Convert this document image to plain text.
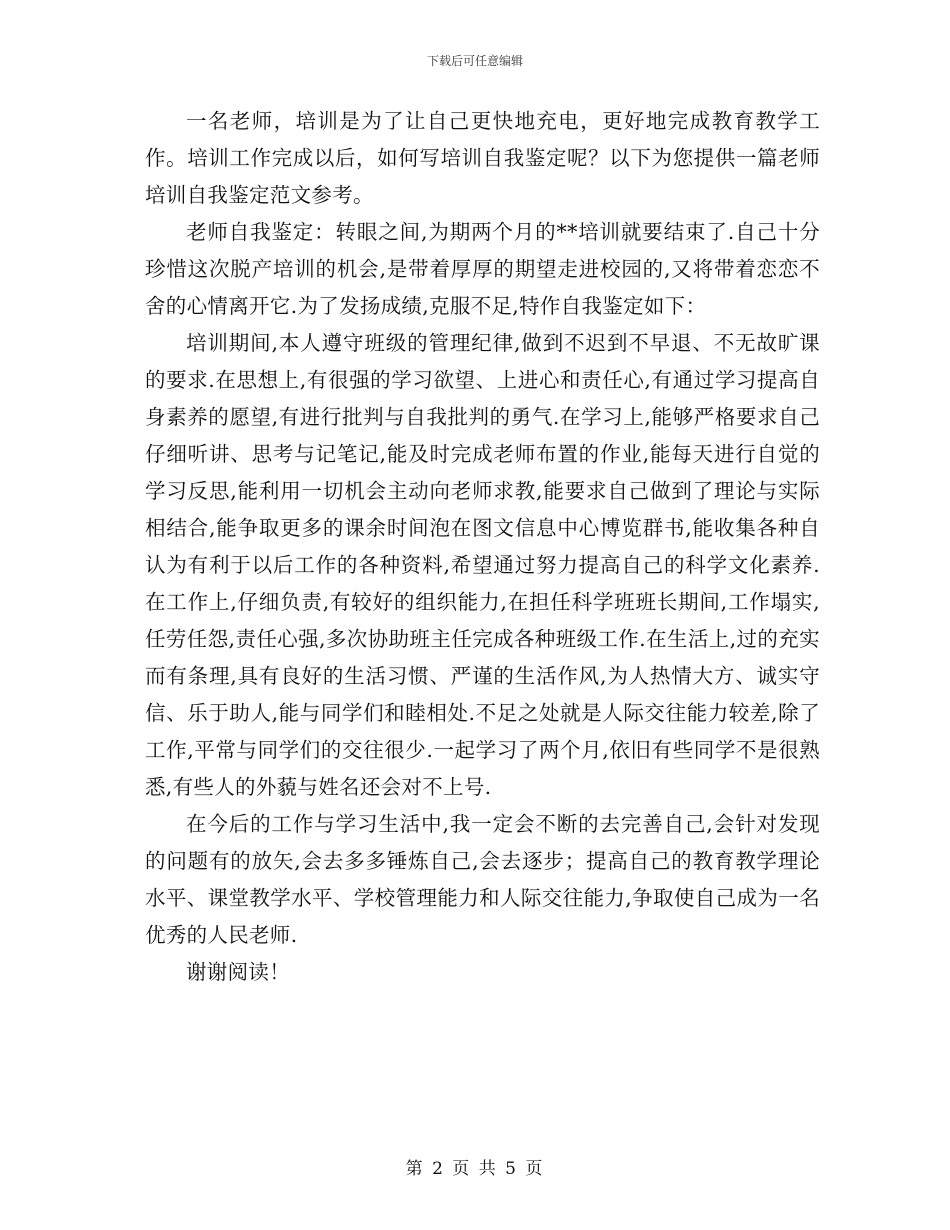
下载后可任意编辑

一名老师，培训是为了让自己更快地充电，更好地完成教育教学工作。培训工作完成以后，如何写培训自我鉴定呢？以下为您提供一篇老师培训自我鉴定范文参考。

老师自我鉴定：转眼之间,为期两个月的**培训就要结束了.自己十分珍惜这次脱产培训的机会,是带着厚厚的期望走进校园的,又将带着恋恋不舍的心情离开它.为了发扬成绩,克服不足,特作自我鉴定如下：

培训期间,本人遵守班级的管理纪律,做到不迟到不早退、不无故旷课的要求.在思想上,有很强的学习欲望、上进心和责任心,有通过学习提高自身素养的愿望,有进行批判与自我批判的勇气.在学习上,能够严格要求自己仔细听讲、思考与记笔记,能及时完成老师布置的作业,能每天进行自觉的学习反思,能利用一切机会主动向老师求教,能要求自己做到了理论与实际相结合,能争取更多的课余时间泡在图文信息中心博览群书,能收集各种自认为有利于以后工作的各种资料,希望通过努力提高自己的科学文化素养.在工作上,仔细负责,有较好的组织能力,在担任科学班班长期间,工作塌实,任劳任怨,责任心强,多次协助班主任完成各种班级工作.在生活上,过的充实而有条理,具有良好的生活习惯、严谨的生活作风,为人热情大方、诚实守信、乐于助人,能与同学们和睦相处.不足之处就是人际交往能力较差,除了工作,平常与同学们的交往很少.一起学习了两个月,依旧有些同学不是很熟悉,有些人的外藐与姓名还会对不上号.

在今后的工作与学习生活中,我一定会不断的去完善自己,会针对发现的问题有的放矢,会去多多锤炼自己,会去逐步；提高自己的教育教学理论水平、课堂教学水平、学校管理能力和人际交往能力,争取使自己成为一名优秀的人民老师.

谢谢阅读！

第 2 页 共 5 页
